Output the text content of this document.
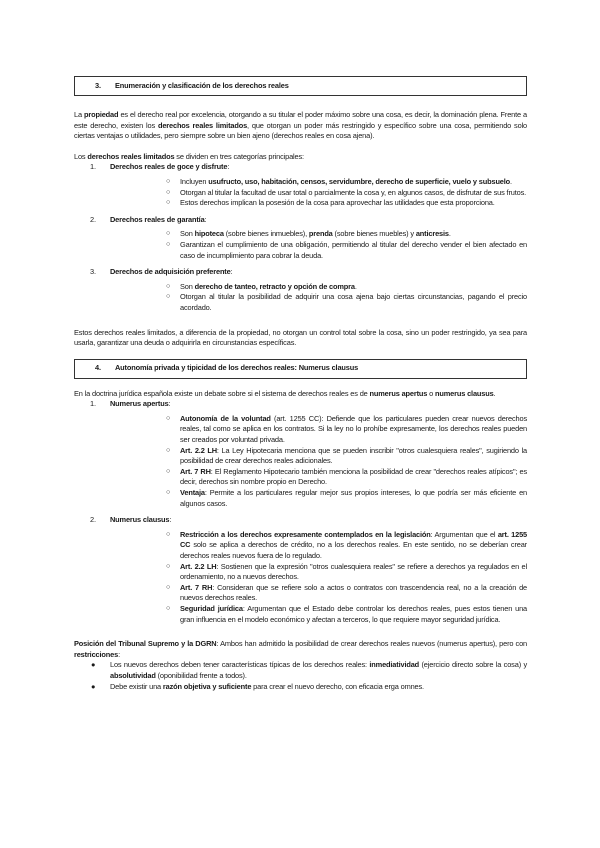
3.	Enumeración y clasificación de los derechos reales

La propiedad es el derecho real por excelencia, otorgando a su titular el poder máximo sobre una cosa, es decir, la dominación plena. Frente a este derecho, existen los derechos reales limitados, que otorgan un poder más restringido y específico sobre una cosa, permitiendo solo ciertas ventajas o utilidades, pero siempre sobre un bien ajeno (derechos reales en cosa ajena).

Los derechos reales limitados se dividen en tres categorías principales:

1. Derechos reales de goce y disfrute:
○ Incluyen usufructo, uso, habitación, censos, servidumbre, derecho de superficie, vuelo y subsuelo.
○ Otorgan al titular la facultad de usar total o parcialmente la cosa y, en algunos casos, de disfrutar de sus frutos.
○ Estos derechos implican la posesión de la cosa para aprovechar las utilidades que esta proporciona.
2. Derechos reales de garantía:
○ Son hipoteca (sobre bienes inmuebles), prenda (sobre bienes muebles) y anticresis.
○ Garantizan el cumplimiento de una obligación, permitiendo al titular del derecho vender el bien afectado en caso de incumplimiento para cobrar la deuda.
3. Derechos de adquisición preferente:
○ Son derecho de tanteo, retracto y opción de compra.
○ Otorgan al titular la posibilidad de adquirir una cosa ajena bajo ciertas circunstancias, pagando el precio acordado.

Estos derechos reales limitados, a diferencia de la propiedad, no otorgan un control total sobre la cosa, sino un poder restringido, ya sea para usarla, garantizar una deuda o adquirirla en circunstancias específicas.

4.	Autonomía privada y tipicidad de los derechos reales: Numerus clausus

En la doctrina jurídica española existe un debate sobre si el sistema de derechos reales es de numerus apertus o numerus clausus.

1. Numerus apertus:
○ Autonomía de la voluntad (art. 1255 CC): Defiende que los particulares pueden crear nuevos derechos reales, tal como se aplica en los contratos. Si la ley no lo prohíbe expresamente, los derechos reales pueden ser creados por voluntad privada.
○ Art. 2.2 LH: La Ley Hipotecaria menciona que se pueden inscribir "otros cualesquiera reales", sugiriendo la posibilidad de crear derechos reales adicionales.
○ Art. 7 RH: El Reglamento Hipotecario también menciona la posibilidad de crear "derechos reales atípicos"; es decir, derechos sin nombre propio en Derecho.
○ Ventaja: Permite a los particulares regular mejor sus propios intereses, lo que podría ser más eficiente en algunos casos.
2. Numerus clausus:
○ Restricción a los derechos expresamente contemplados en la legislación: Argumentan que el art. 1255 CC solo se aplica a derechos de crédito, no a los derechos reales. En este sentido, no se deberían crear derechos reales nuevos fuera de lo regulado.
○ Art. 2.2 LH: Sostienen que la expresión "otros cualesquiera reales" se refiere a derechos ya regulados en el ordenamiento, no a nuevos derechos.
○ Art. 7 RH: Consideran que se refiere solo a actos o contratos con trascendencia real, no a la creación de nuevos derechos reales.
○ Seguridad jurídica: Argumentan que el Estado debe controlar los derechos reales, pues estos tienen una gran influencia en el modelo económico y afectan a terceros, lo que requiere mayor seguridad jurídica.

Posición del Tribunal Supremo y la DGRN: Ambos han admitido la posibilidad de crear derechos reales nuevos (numerus apertus), pero con restricciones:

● Los nuevos derechos deben tener características típicas de los derechos reales: inmediatividad (ejercicio directo sobre la cosa) y absolutividad (oponibilidad frente a todos).
● Debe existir una razón objetiva y suficiente para crear el nuevo derecho, con eficacia erga omnes.
